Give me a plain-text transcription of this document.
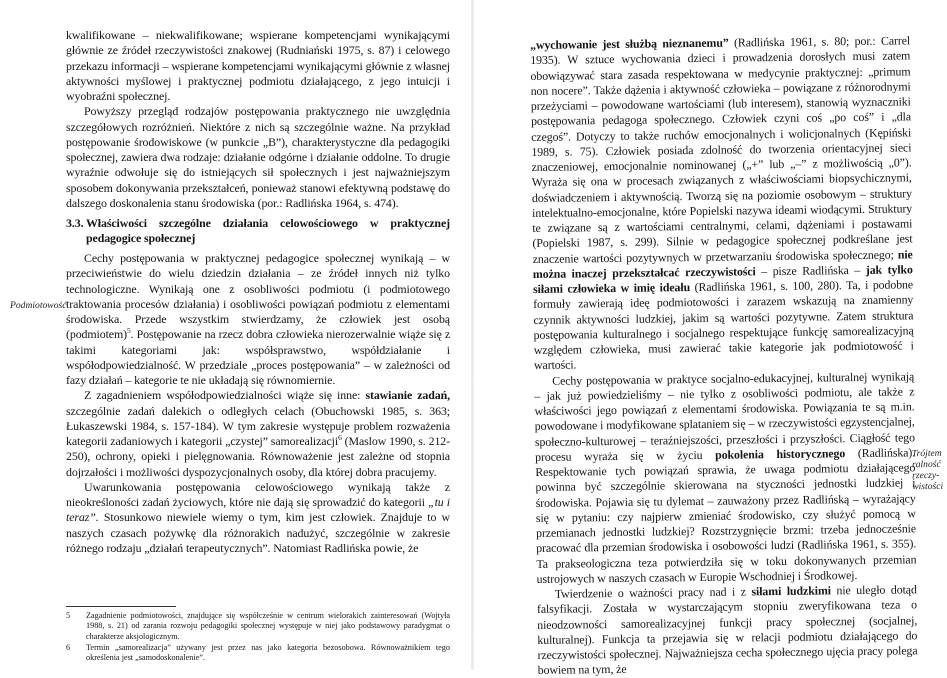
kwalifikowane – niekwalifikowane; wspierane kompetencjami wynikającymi głównie ze źródeł rzeczywistości znakowej (Rudniański 1975, s. 87) i celowego przekazu informacji – wspierane kompetencjami wynikającymi głównie z własnej aktywności myślowej i praktycznej podmiotu działającego, z jego intuicji i wyobraźni społecznej.

Powyższy przegląd rodzajów postępowania praktycznego nie uwzględnia szczegółowych rozróżnień. Niektóre z nich są szczególnie ważne. Na przykład postępowanie środowiskowe (w punkcie „B”), charakterystyczne dla pedagogiki społecznej, zawiera dwa rodzaje: działanie odgórne i działanie oddolne. To drugie wyraźnie odwołuje się do istniejących sił społecznych i jest najważniejszym sposobem dokonywania przekształceń, ponieważ stanowi efektywną podstawę do dalszego doskonalenia stanu środowiska (por.: Radlińska 1964, s. 474).

3.3. Właściwości szczególne działania celowościowego w praktycznej pedagogice społecznej

Cechy postępowania w praktycznej pedagogice społecznej wynikają – w przeciwieństwie do wielu dziedzin działania – ze źródeł innych niż tylko technologiczne. Wynikają one z osobliwości podmiotu (i podmiotowego traktowania procesów działania) i osobliwości powiązań podmiotu z elementami środowiska. Przede wszystkim stwierdzamy, że człowiek jest osobą (podmiotem)$^5$. Postępowanie na rzecz dobra człowieka nierozerwalnie wiąże się z takimi kategoriami jak: współsprawstwo, współdziałanie i współodpowiedzialność. W przedziale „proces postępowania” – w zależności od fazy działań – kategorie te nie układają się równomiernie.

Z zagadnieniem współodpowiedzialności wiąże się inne: stawianie zadań, szczególnie zadań dalekich o odległych celach (Obuchowski 1985, s. 363; Łukaszewski 1984, s. 157-184). W tym zakresie występuje problem rozważenia kategorii zadaniowych i kategorii „czystej” samorealizacji$^6$ (Maslow 1990, s. 212-250), ochrony, opieki i pielęgnowania. Równoważenie jest zależne od stopnia dojrzałości i możliwości dyspozycjonalnych osoby, dla której dobra pracujemy.

Uwarunkowania postępowania celowościowego wynikają także z nieokreśloności zadań życiowych, które nie dają się sprowadzić do kategorii „tu i teraz”. Stosunkowo niewiele wiemy o tym, kim jest człowiek. Znajduje to w naszych czasach pożywkę dla różnorakich nadużyć, szczególnie w zakresie różnego rodzaju „działań terapeutycznych”. Natomiast Radlińska powie, że

Podmiotowość

5 Zagadnienie podmiotowości, znajdujące się współcześnie w centrum wielorakich zainteresowań (Wojtyła 1988, s. 21) od zarania rozwoju pedagogiki społecznej występuje w niej jako podstawowy paradygmat o charakterze aksjologicznym.

6 Termin „samorealizacja” używany jest przez nas jako kategoria bezosobowa. Równoważnikiem tego określenia jest „samodoskonalenie”.

„wychowanie jest służbą nieznanemu” (Radlińska 1961, s. 80; por.: Carrel 1935). W sztuce wychowania dzieci i prowadzenia dorosłych musi zatem obowiązywać stara zasada respektowana w medycynie praktycznej: „primum non nocere”. Także dążenia i aktywność człowieka – powiązane z różnorodnymi przeżyciami – powodowane wartościami (lub interesem), stanowią wyznaczniki postępowania pedagoga społecznego. Człowiek czyni coś „po coś” i „dla czegoś”. Dotyczy to także ruchów emocjonalnych i wolicjonalnych (Kępiński 1989, s. 75). Człowiek posiada zdolność do tworzenia orientacyjnej sieci znaczeniowej, emocjonalnie nominowanej („+” lub „–” z możliwością „0”). Wyraża się ona w procesach związanych z właściwościami biopsychicznymi, doświadczeniem i aktywnością. Tworzą się na poziomie osobowym – struktury intelektualno-emocjonalne, które Popielski nazywa ideami wiodącymi. Struktury te związane są z wartościami centralnymi, celami, dążeniami i postawami (Popielski 1987, s. 299). Silnie w pedagogice społecznej podkreślane jest znaczenie wartości pozytywnych w przetwarzaniu środowiska społecznego; nie można inaczej przekształcać rzeczywistości – pisze Radlińska – jak tylko siłami człowieka w imię ideału (Radlińska 1961, s. 100, 280). Ta, i podobne formuły zawierają ideę podmiotowości i zarazem wskazują na znamienny czynnik aktywności ludzkiej, jakim są wartości pozytywne. Zatem struktura postępowania kulturalnego i socjalnego respektujące funkcję samorealizacyjną względem człowieka, musi zawierać takie kategorie jak podmiotowość i wartości.

Cechy postępowania w praktyce socjalno-edukacyjnej, kulturalnej wynikają – jak już powiedzieliśmy – nie tylko z osobliwości podmiotu, ale także z właściwości jego powiązań z elementami środowiska. Powiązania te są m.in. powodowane i modyfikowane splataniem się – w rzeczywistości egzystencjalnej, społeczno-kulturowej – teraźniejszości, przeszłości i przyszłości. Ciągłość tego procesu wyraża się w życiu pokolenia historycznego (Radlińska). Respektowanie tych powiązań sprawia, że uwaga podmiotu działającego powinna być szczególnie skierowana na styczności jednostki ludzkiej i środowiska. Pojawia się tu dylemat – zauważony przez Radlińską – wyrażający się w pytaniu: czy najpierw zmieniać środowisko, czy służyć pomocą w przemianach jednostki ludzkiej? Rozstrzygnięcie brzmi: trzeba jednocześnie pracować dla przemian środowiska i osobowości ludzi (Radlińska 1961, s. 355). Ta prakseologiczna teza potwierdziła się w toku dokonywanych przemian ustrojowych w naszych czasach w Europie Wschodniej i Środkowej.

Twierdzenie o ważności pracy nad i z siłami ludzkimi nie uległo dotąd falsyfikacji. Została w wystarczającym stopniu zweryfikowana teza o nieodzowności samorealizacyjnej funkcji pracy społecznej (socjalnej, kulturalnej). Funkcja ta przejawia się w relacji podmiotu działającego do rzeczywistości społecznej. Najważniejsza cecha społecznego ujęcia pracy polega bowiem na tym, że

Trójtem ralność rzeczy-wistości
